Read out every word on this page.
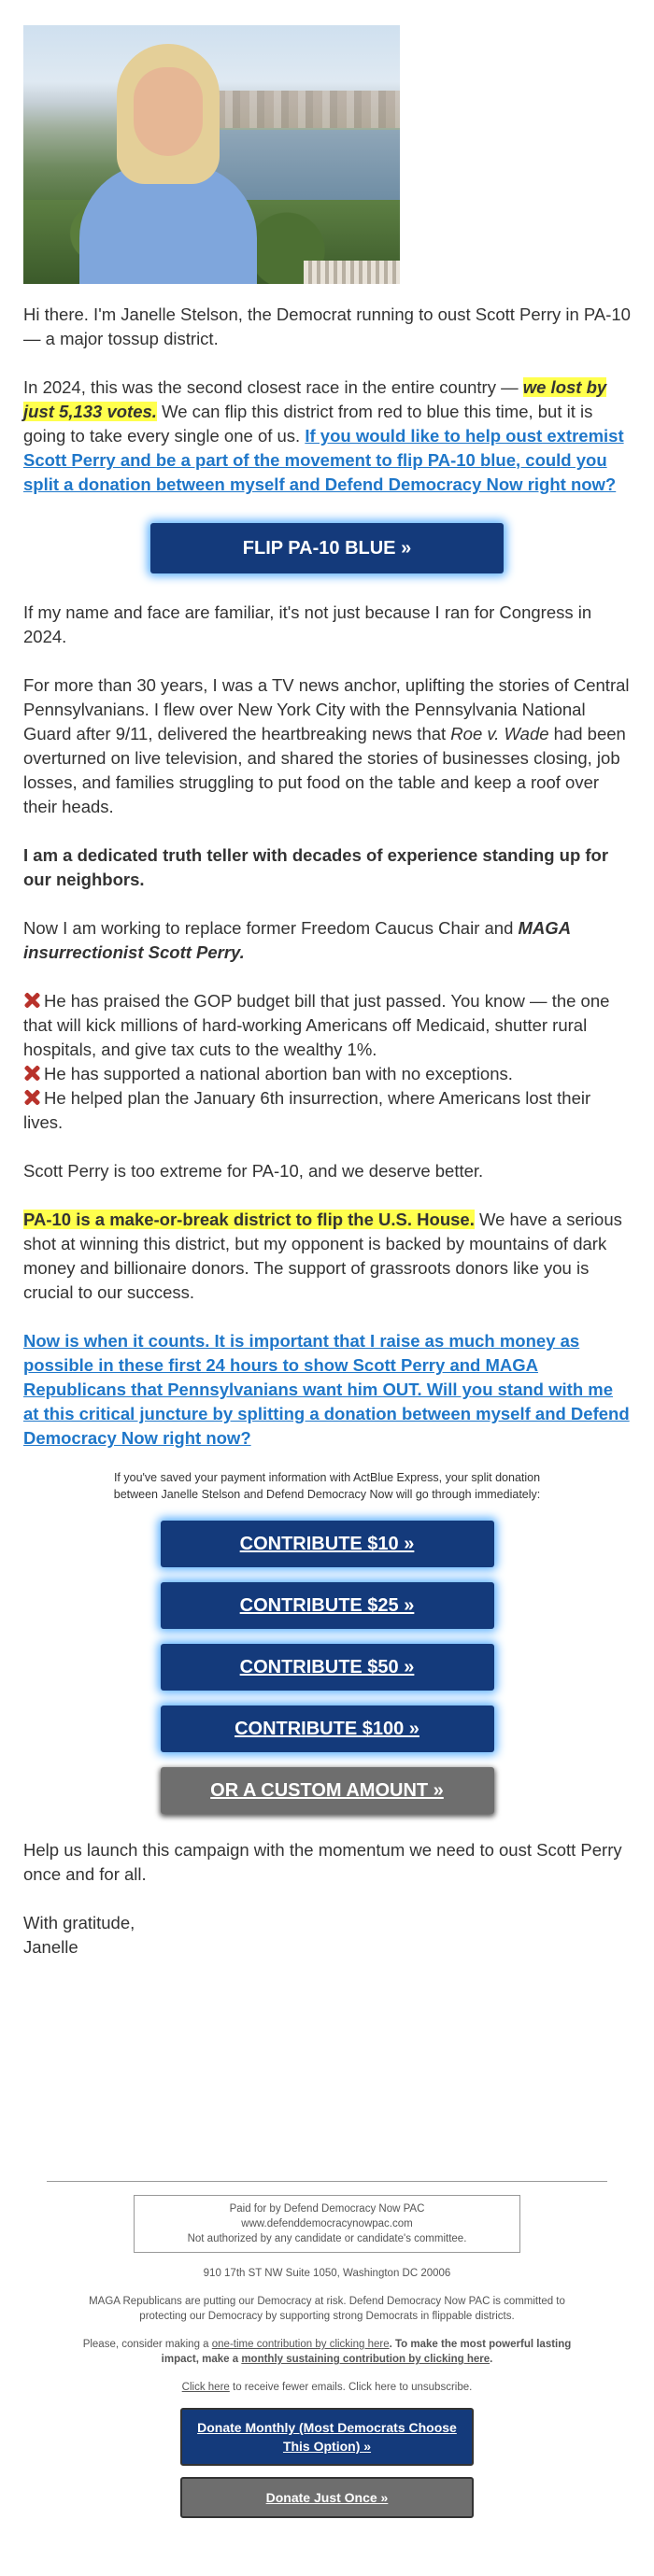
Hi there. I'm Janelle Stelson, the Democrat running to oust Scott Perry in PA-10 — a major tossup district.

In 2024, this was the second closest race in the entire country — we lost by just 5,133 votes. We can flip this district from red to blue this time, but it is going to take every single one of us. If you would like to help oust extremist Scott Perry and be a part of the movement to flip PA-10 blue, could you split a donation between myself and Defend Democracy Now right now?

FLIP PA-10 BLUE »

If my name and face are familiar, it's not just because I ran for Congress in 2024.

For more than 30 years, I was a TV news anchor, uplifting the stories of Central Pennsylvanians. I flew over New York City with the Pennsylvania National Guard after 9/11, delivered the heartbreaking news that Roe v. Wade had been overturned on live television, and shared the stories of businesses closing, job losses, and families struggling to put food on the table and keep a roof over their heads.

I am a dedicated truth teller with decades of experience standing up for our neighbors.

Now I am working to replace former Freedom Caucus Chair and MAGA insurrectionist Scott Perry.

He has praised the GOP budget bill that just passed. You know — the one that will kick millions of hard-working Americans off Medicaid, shutter rural hospitals, and give tax cuts to the wealthy 1%.

He has supported a national abortion ban with no exceptions.

He helped plan the January 6th insurrection, where Americans lost their lives.

Scott Perry is too extreme for PA-10, and we deserve better.

PA-10 is a make-or-break district to flip the U.S. House. We have a serious shot at winning this district, but my opponent is backed by mountains of dark money and billionaire donors. The support of grassroots donors like you is crucial to our success.

Now is when it counts. It is important that I raise as much money as possible in these first 24 hours to show Scott Perry and MAGA Republicans that Pennsylvanians want him OUT. Will you stand with me at this critical juncture by splitting a donation between myself and Defend Democracy Now right now?

If you've saved your payment information with ActBlue Express, your split donation between Janelle Stelson and Defend Democracy Now will go through immediately:
CONTRIBUTE $10 »
CONTRIBUTE $25 »
CONTRIBUTE $50 »
CONTRIBUTE $100 »
OR A CUSTOM AMOUNT »

Help us launch this campaign with the momentum we need to oust Scott Perry once and for all.

With gratitude,

Janelle

Paid for by Defend Democracy Now PAC
www.defenddemocracynowpac.com
Not authorized by any candidate or candidate's committee.
910 17th ST NW Suite 1050, Washington DC 20006
MAGA Republicans are putting our Democracy at risk. Defend Democracy Now PAC is committed to protecting our Democracy by supporting strong Democrats in flippable districts.
Please, consider making a one-time contribution by clicking here. To make the most powerful lasting impact, make a monthly sustaining contribution by clicking here.
Click here to receive fewer emails. Click here to unsubscribe.
Donate Monthly (Most Democrats Choose This Option) »
Donate Just Once »
